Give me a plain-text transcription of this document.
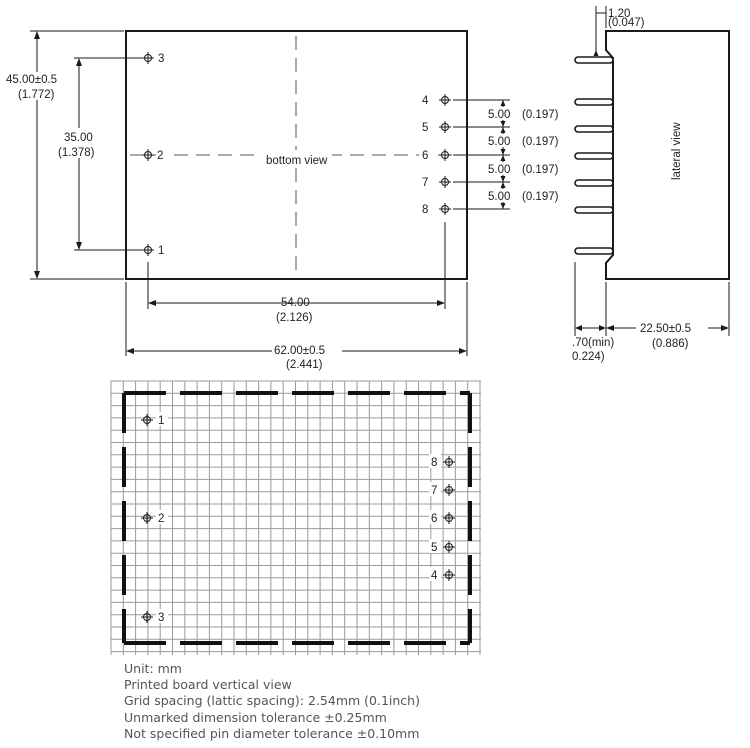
bottom view
3
2
1
4
5
6
7
8
45.00±0.5
(1.772)
35.00
(1.378)
54.00
(2.126)
62.00±0.5
(2.441)
5.00 (0.197)
5.00 (0.197)
5.00 (0.197)
5.00 (0.197)
lateral view
1.20
(0.047)
22.50±0.5
(0.886)
.70(min)
0.224)
1
2
3
8
7
6
5
4
Unit: mm
Printed board vertical view
Grid spacing (lattic spacing): 2.54mm (0.1inch)
Unmarked dimension tolerance ±0.25mm
Not specified pin diameter tolerance ±0.10mm
